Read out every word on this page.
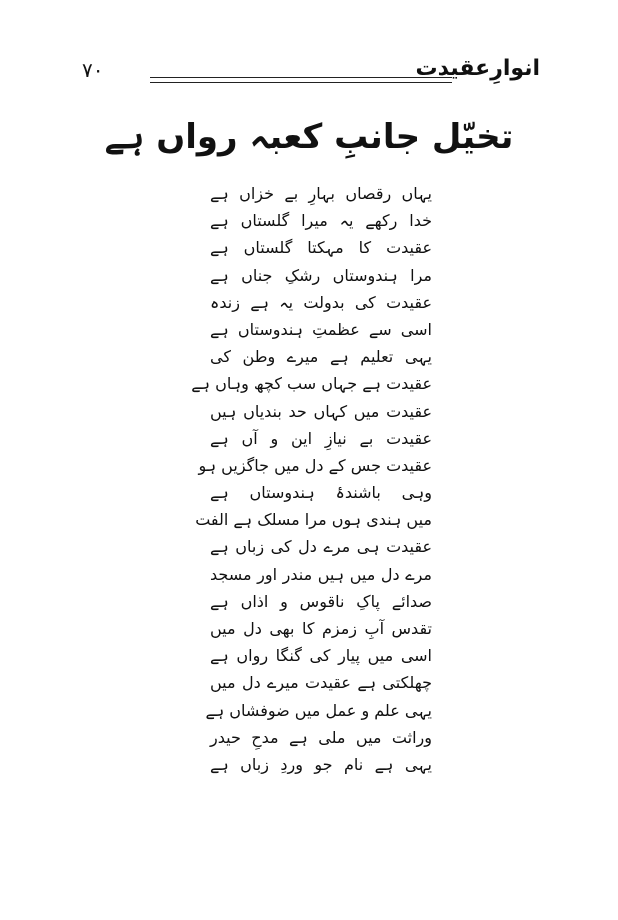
۷۰	انوارِعقیدت
تخیّل جانبِ کعبہ رواں ہے
یہاں رقصاں بہارِ بے خزاں ہے
خدا رکھے یہ میرا گلستاں ہے
عقیدت کا مہکتا گلستاں ہے
مرا ہندوستاں رشکِ جناں ہے
عقیدت کی بدولت یہ ہے زندہ
اسی سے عظمتِ ہندوستاں ہے
یہی تعلیم ہے میرے وطن کی
عقیدت ہے جہاں سب کچھ وہاں ہے
عقیدت میں کہاں حد بندیاں ہیں
عقیدت بے نیازِ این و آں ہے
عقیدت جس کے دل میں جاگزیں ہو
وہی باشندۂ ہندوستاں ہے
میں ہندی ہوں مرا مسلک ہے الفت
عقیدت ہی مرے دل کی زباں ہے
مرے دل میں ہیں مندر اور مسجد
صدائے پاکِ ناقوس و اذاں ہے
تقدس آبِ زمزم کا بھی دل میں
اسی میں پیار کی گنگا رواں ہے
چھلکتی ہے عقیدت میرے دل میں
یہی علم و عمل میں ضوفشاں ہے
وراثت میں ملی ہے مدحِ حیدر
یہی ہے نام جو وردِ زباں ہے
